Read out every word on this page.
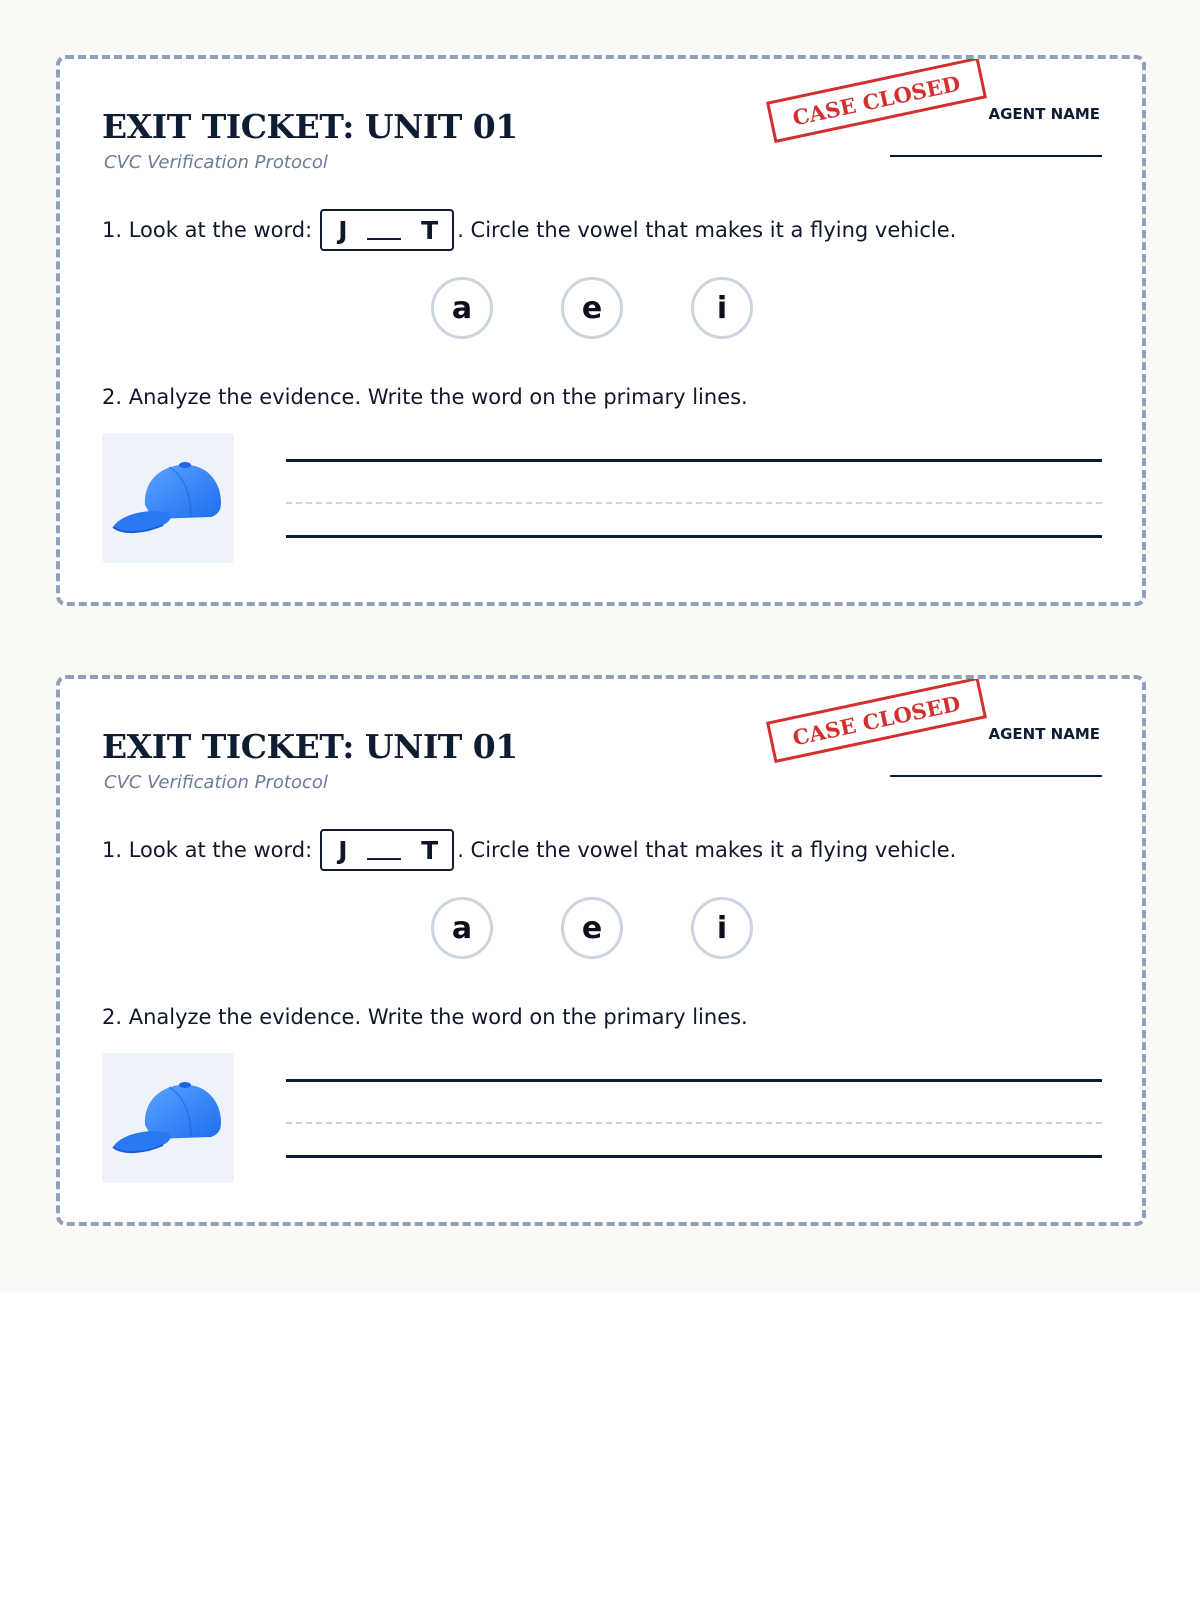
EXIT TICKET: UNIT 01
CVC Verification Protocol
CASE CLOSED	AGENT NAME
1. Look at the word: J	T . Circle the vowel that makes it a flying vehicle.
a	e	i
2. Analyze the evidence. Write the word on the primary lines.
EXIT TICKET: UNIT 01
CVC Verification Protocol
CASE CLOSED	AGENT NAME
1. Look at the word: J	T . Circle the vowel that makes it a flying vehicle.
a	e	i
2. Analyze the evidence. Write the word on the primary lines.
